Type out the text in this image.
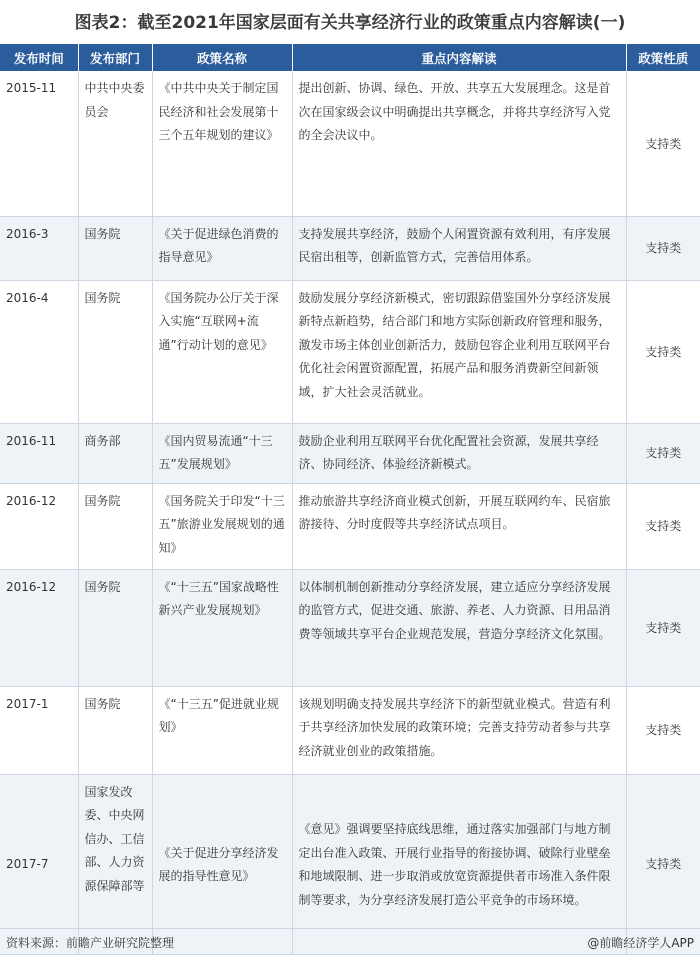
图表2：截至2021年国家层面有关共享经济行业的政策重点内容解读(一)
发布时间	发布部门	政策名称	重点内容解读	政策性质
2015-11	中共中央委员会	《中共中央关于制定国民经济和社会发展第十三个五年规划的建议》	提出创新、协调、绿色、开放、共享五大发展理念。这是首次在国家级会议中明确提出共享概念，并将共享经济写入党的全会决议中。	支持类
2016-3	国务院	《关于促进绿色消费的指导意见》	支持发展共享经济，鼓励个人闲置资源有效利用，有序发展民宿出租等，创新监管方式，完善信用体系。	支持类
2016-4	国务院	《国务院办公厅关于深入实施“互联网+流通”行动计划的意见》	鼓励发展分享经济新模式，密切跟踪借鉴国外分享经济发展新特点新趋势，结合部门和地方实际创新政府管理和服务，激发市场主体创业创新活力，鼓励包容企业利用互联网平台优化社会闲置资源配置，拓展产品和服务消费新空间新领域，扩大社会灵活就业。	支持类
2016-11	商务部	《国内贸易流通“十三五”发展规划》	鼓励企业利用互联网平台优化配置社会资源，发展共享经济、协同经济、体验经济新模式。	支持类
2016-12	国务院	《国务院关于印发“十三五”旅游业发展规划的通知》	推动旅游共享经济商业模式创新，开展互联网约车、民宿旅游接待、分时度假等共享经济试点项目。	支持类
2016-12	国务院	《“十三五”国家战略性新兴产业发展规划》	以体制机制创新推动分享经济发展，建立适应分享经济发展的监管方式，促进交通、旅游、养老、人力资源、日用品消费等领域共享平台企业规范发展，营造分享经济文化氛围。	支持类
2017-1	国务院	《“十三五”促进就业规划》	该规划明确支持发展共享经济下的新型就业模式。营造有利于共享经济加快发展的政策环境；完善支持劳动者参与共享经济就业创业的政策措施。	支持类
2017-7	国家发改委、中央网信办、工信部、人力资源保障部等	《关于促进分享经济发展的指导性意见》	《意见》强调要坚持底线思维，通过落实加强部门与地方制定出台准入政策、开展行业指导的衔接协调、破除行业壁垒和地域限制、进一步取消或放宽资源提供者市场准入条件限制等要求，为分享经济发展打造公平竞争的市场环境。	支持类
资料来源：前瞻产业研究院整理	@前瞻经济学人APP
